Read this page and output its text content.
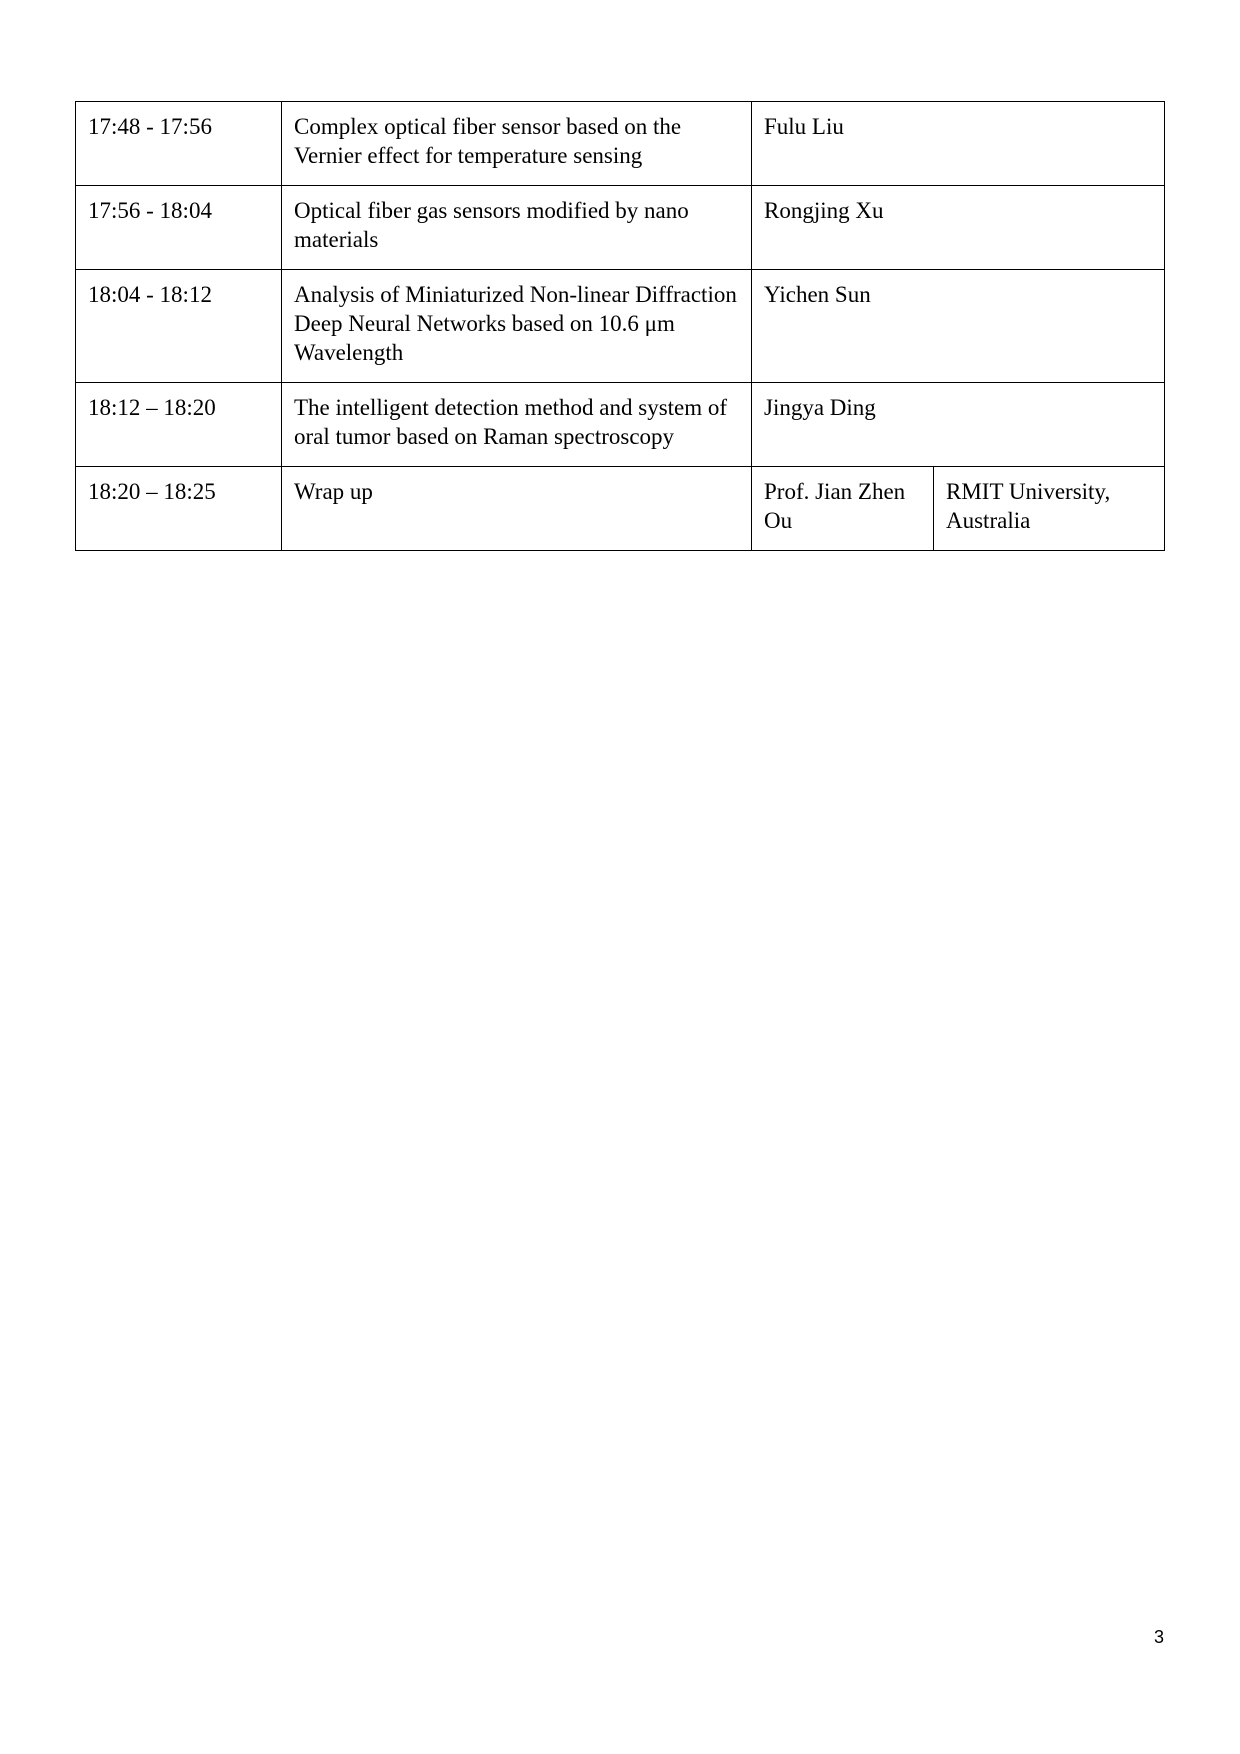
17:48 - 17:56	Complex optical fiber sensor based on the Vernier effect for temperature sensing	Fulu Liu	
17:56 - 18:04	Optical fiber gas sensors modified by nano materials	Rongjing Xu	
18:04 - 18:12	Analysis of Miniaturized Non-linear Diffraction Deep Neural Networks based on 10.6 μm Wavelength	Yichen Sun	
18:12 – 18:20	The intelligent detection method and system of oral tumor based on Raman spectroscopy	Jingya Ding	
18:20 – 18:25	Wrap up	Prof. Jian Zhen Ou	RMIT University, Australia
3
